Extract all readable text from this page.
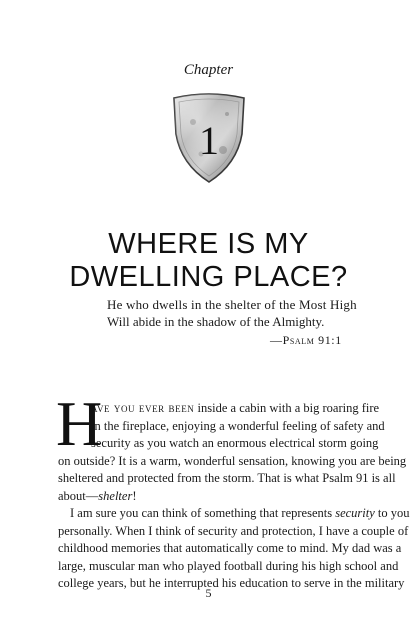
Chapter
1
WHERE IS MY
DWELLING PLACE?
He who dwells in the shelter of the Most High
Will abide in the shadow of the Almighty.
—Psalm 91:1
H
ave you ever been inside a cabin with a big roaring fire
in the fireplace, enjoying a wonderful feeling of safety and
security as you watch an enormous electrical storm going
on outside? It is a warm, wonderful sensation, knowing you are being
sheltered and protected from the storm. That is what Psalm 91 is all
about—shelter!
I am sure you can think of something that represents security to you
personally. When I think of security and protection, I have a couple of
childhood memories that automatically come to mind. My dad was a
large, muscular man who played football during his high school and
college years, but he interrupted his education to serve in the military
5
